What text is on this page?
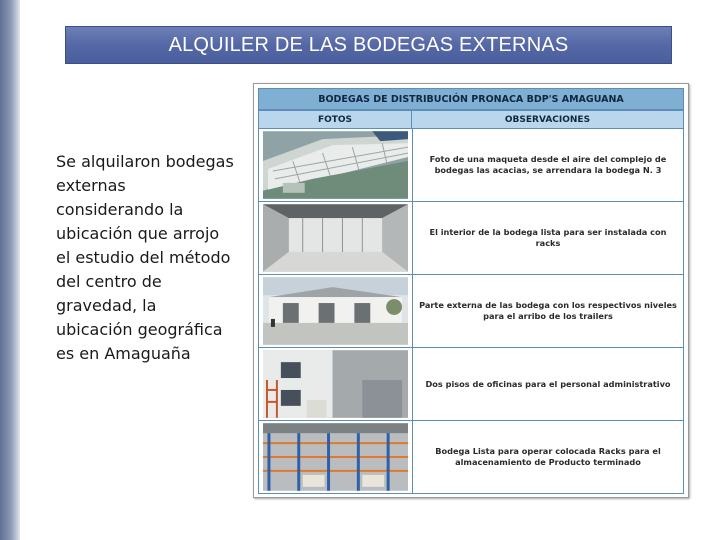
ALQUILER DE LAS BODEGAS EXTERNAS
Se alquilaron bodegas externas considerando la ubicación que arrojo el estudio del método del centro de gravedad, la ubicación geográfica es en Amaguaña
BODEGAS DE DISTRIBUCIÓN PRONACA BDP'S AMAGUANA
FOTOS	OBSERVACIONES
Foto de una maqueta desde el aire del complejo de bodegas las acacias, se arrendara la bodega N. 3
El interior de la bodega lista para ser instalada con racks
Parte externa de las bodega con los respectivos niveles para el arribo de los trailers
Dos pisos de oficinas para el personal administrativo
Bodega Lista para operar colocada Racks para el almacenamiento de Producto terminado
